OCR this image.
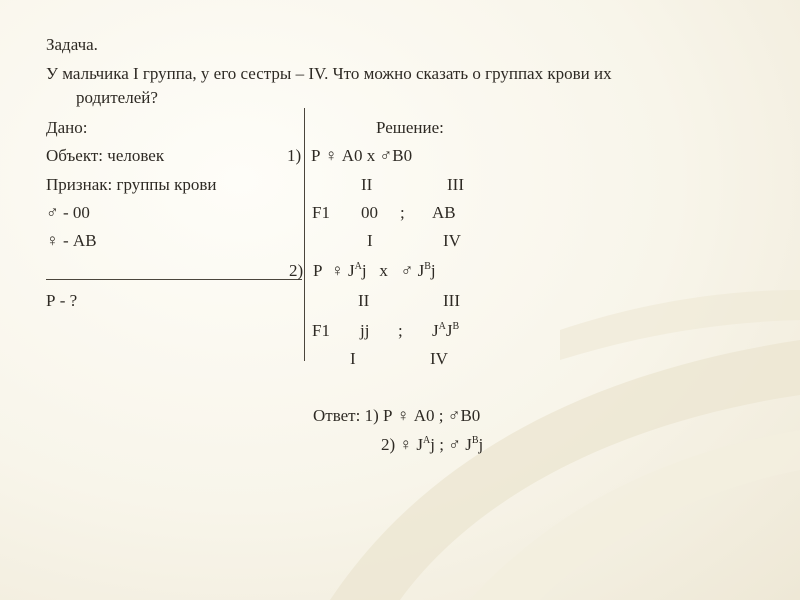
Задача.
У мальчика I группа, у его сестры – IV. Что можно сказать о группах крови их
родителей?
Дано:
Объект: человек
Признак: группы крови
♂ - 00
♀ - АВ
Р - ?
Решение:
1) Р ♀ А0 х ♂В0
II	III
F1 00 ; АВ
I	IV
2) Р ♀ $J^Aj$ х ♂ $J^Bj$
II	III
F1 jj ; $J^AJ^B$
I	IV
Ответ: 1) Р ♀ А0 ; ♂В0
2) ♀ $J^Aj$ ; ♂ $J^Bj$
